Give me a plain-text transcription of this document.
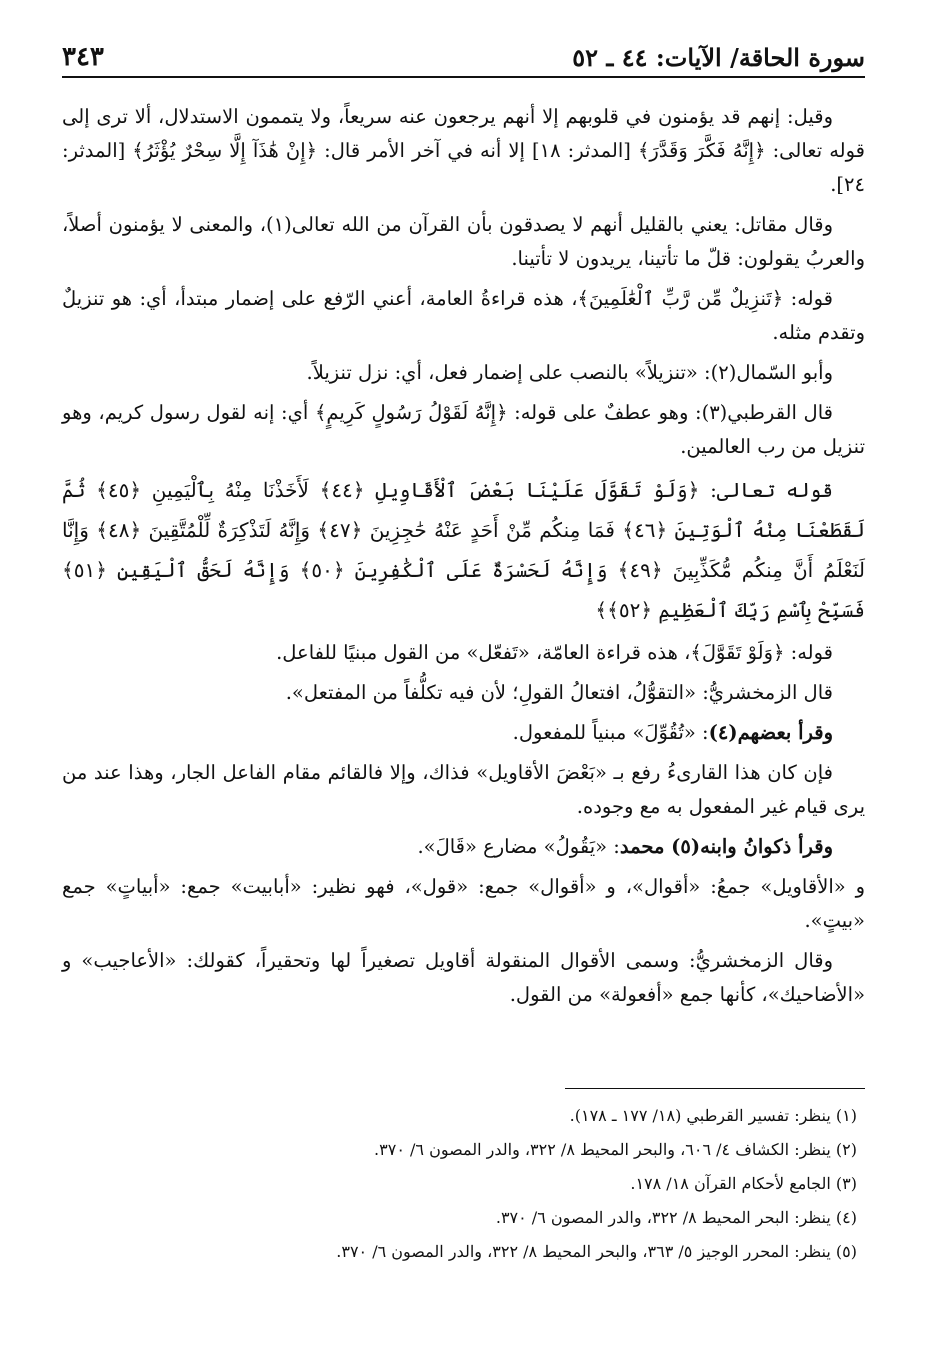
سورة الحاقة/ الآيات: ٤٤ ـ ٥٢
٣٤٣

وقيل: إنهم قد يؤمنون في قلوبهم إلا أنهم يرجعون عنه سريعاً، ولا يتممون الاستدلال، ألا ترى إلى قوله تعالى: ﴿إِنَّهُ فَكَّرَ وَقَدَّرَ﴾ [المدثر: ١٨] إلا أنه في آخر الأمر قال: ﴿إِنْ هَٰذَآ إِلَّا سِحْرٌ يُؤْثَرُ﴾ [المدثر: ٢٤].

وقال مقاتل: يعني بالقليل أنهم لا يصدقون بأن القرآن من الله تعالى(١)، والمعنى لا يؤمنون أصلاً، والعربُ يقولون: قلّ ما تأتينا، يريدون لا تأتينا.

قوله: ﴿تَنزِيلٌ مِّن رَّبِّ ٱلْعَٰلَمِينَ﴾، هذه قراءةُ العامة، أعني الرّفع على إضمار مبتدأ، أي: هو تنزيلٌ وتقدم مثله.

وأبو السّمال(٢): «تنزيلاً» بالنصب على إضمار فعل، أي: نزل تنزيلاً.

قال القرطبي(٣): وهو عطفٌ على قوله: ﴿إِنَّهُ لَقَوْلُ رَسُولٍ كَرِيمٍ﴾ أي: إنه لقول رسول كريم، وهو تنزيل من رب العالمين.

قوله تعالى: ﴿وَلَوْ تَقَوَّلَ عَلَيْنَا بَعْضَ ٱلْأَقَاوِيلِ ﴿٤٤﴾ لَأَخَذْنَا مِنْهُ بِٱلْيَمِينِ ﴿٤٥﴾ ثُمَّ لَقَطَعْنَا مِنْهُ ٱلْوَتِينَ ﴿٤٦﴾ فَمَا مِنكُم مِّنْ أَحَدٍ عَنْهُ حَٰجِزِينَ ﴿٤٧﴾ وَإِنَّهُ لَتَذْكِرَةٌ لِّلْمُتَّقِينَ ﴿٤٨﴾ وَإِنَّا لَنَعْلَمُ أَنَّ مِنكُم مُّكَذِّبِينَ ﴿٤٩﴾ وَإِنَّهُ لَحَسْرَةٌ عَلَى ٱلْكَٰفِرِينَ ﴿٥٠﴾ وَإِنَّهُ لَحَقُّ ٱلْيَقِينِ ﴿٥١﴾ فَسَبِّحْ بِٱسْمِ رَبِّكَ ٱلْعَظِيمِ ﴿٥٢﴾﴾

قوله: ﴿وَلَوْ تَقَوَّلَ﴾، هذه قراءة العامّة، «تَفعّل» من القول مبنيًا للفاعل.

قال الزمخشريُّ: «التقوُّلُ، افتعالُ القولِ؛ لأن فيه تكلُّفاً من المفتعل».

وقرأ بعضهم(٤): «تُقُوِّلَ» مبنياً للمفعول.

فإن كان هذا القارىءُ رفع بـ «بَعْضَ الأقاويل» فذاك، وإلا فالقائم مقام الفاعل الجار، وهذا عند من يرى قيام غير المفعول به مع وجوده.

وقرأ ذكوانُ وابنه(٥) محمد: «يَقُولُ» مضارع «قَالَ».

و «الأقاويل» جمعُ: «أقوال»، و «أقوال» جمع: «قول»، فهو نظير: «أبابيت» جمع: «أبياتٍ» جمع «بيتٍ».

وقال الزمخشريُّ: وسمى الأقوال المنقولة أقاويل تصغيراً لها وتحقيراً، كقولك: «الأعاجيب» و «الأضاحيك»، كأنها جمع «أفعولة» من القول.

(١) ينظر: تفسير القرطبي (١٨/ ١٧٧ ـ ١٧٨).

(٢) ينظر: الكشاف ٤/ ٦٠٦، والبحر المحيط ٨/ ٣٢٢، والدر المصون ٦/ ٣٧٠.

(٣) الجامع لأحكام القرآن ١٨/ ١٧٨.

(٤) ينظر: البحر المحيط ٨/ ٣٢٢، والدر المصون ٦/ ٣٧٠.

(٥) ينظر: المحرر الوجيز ٥/ ٣٦٣، والبحر المحيط ٨/ ٣٢٢، والدر المصون ٦/ ٣٧٠.
